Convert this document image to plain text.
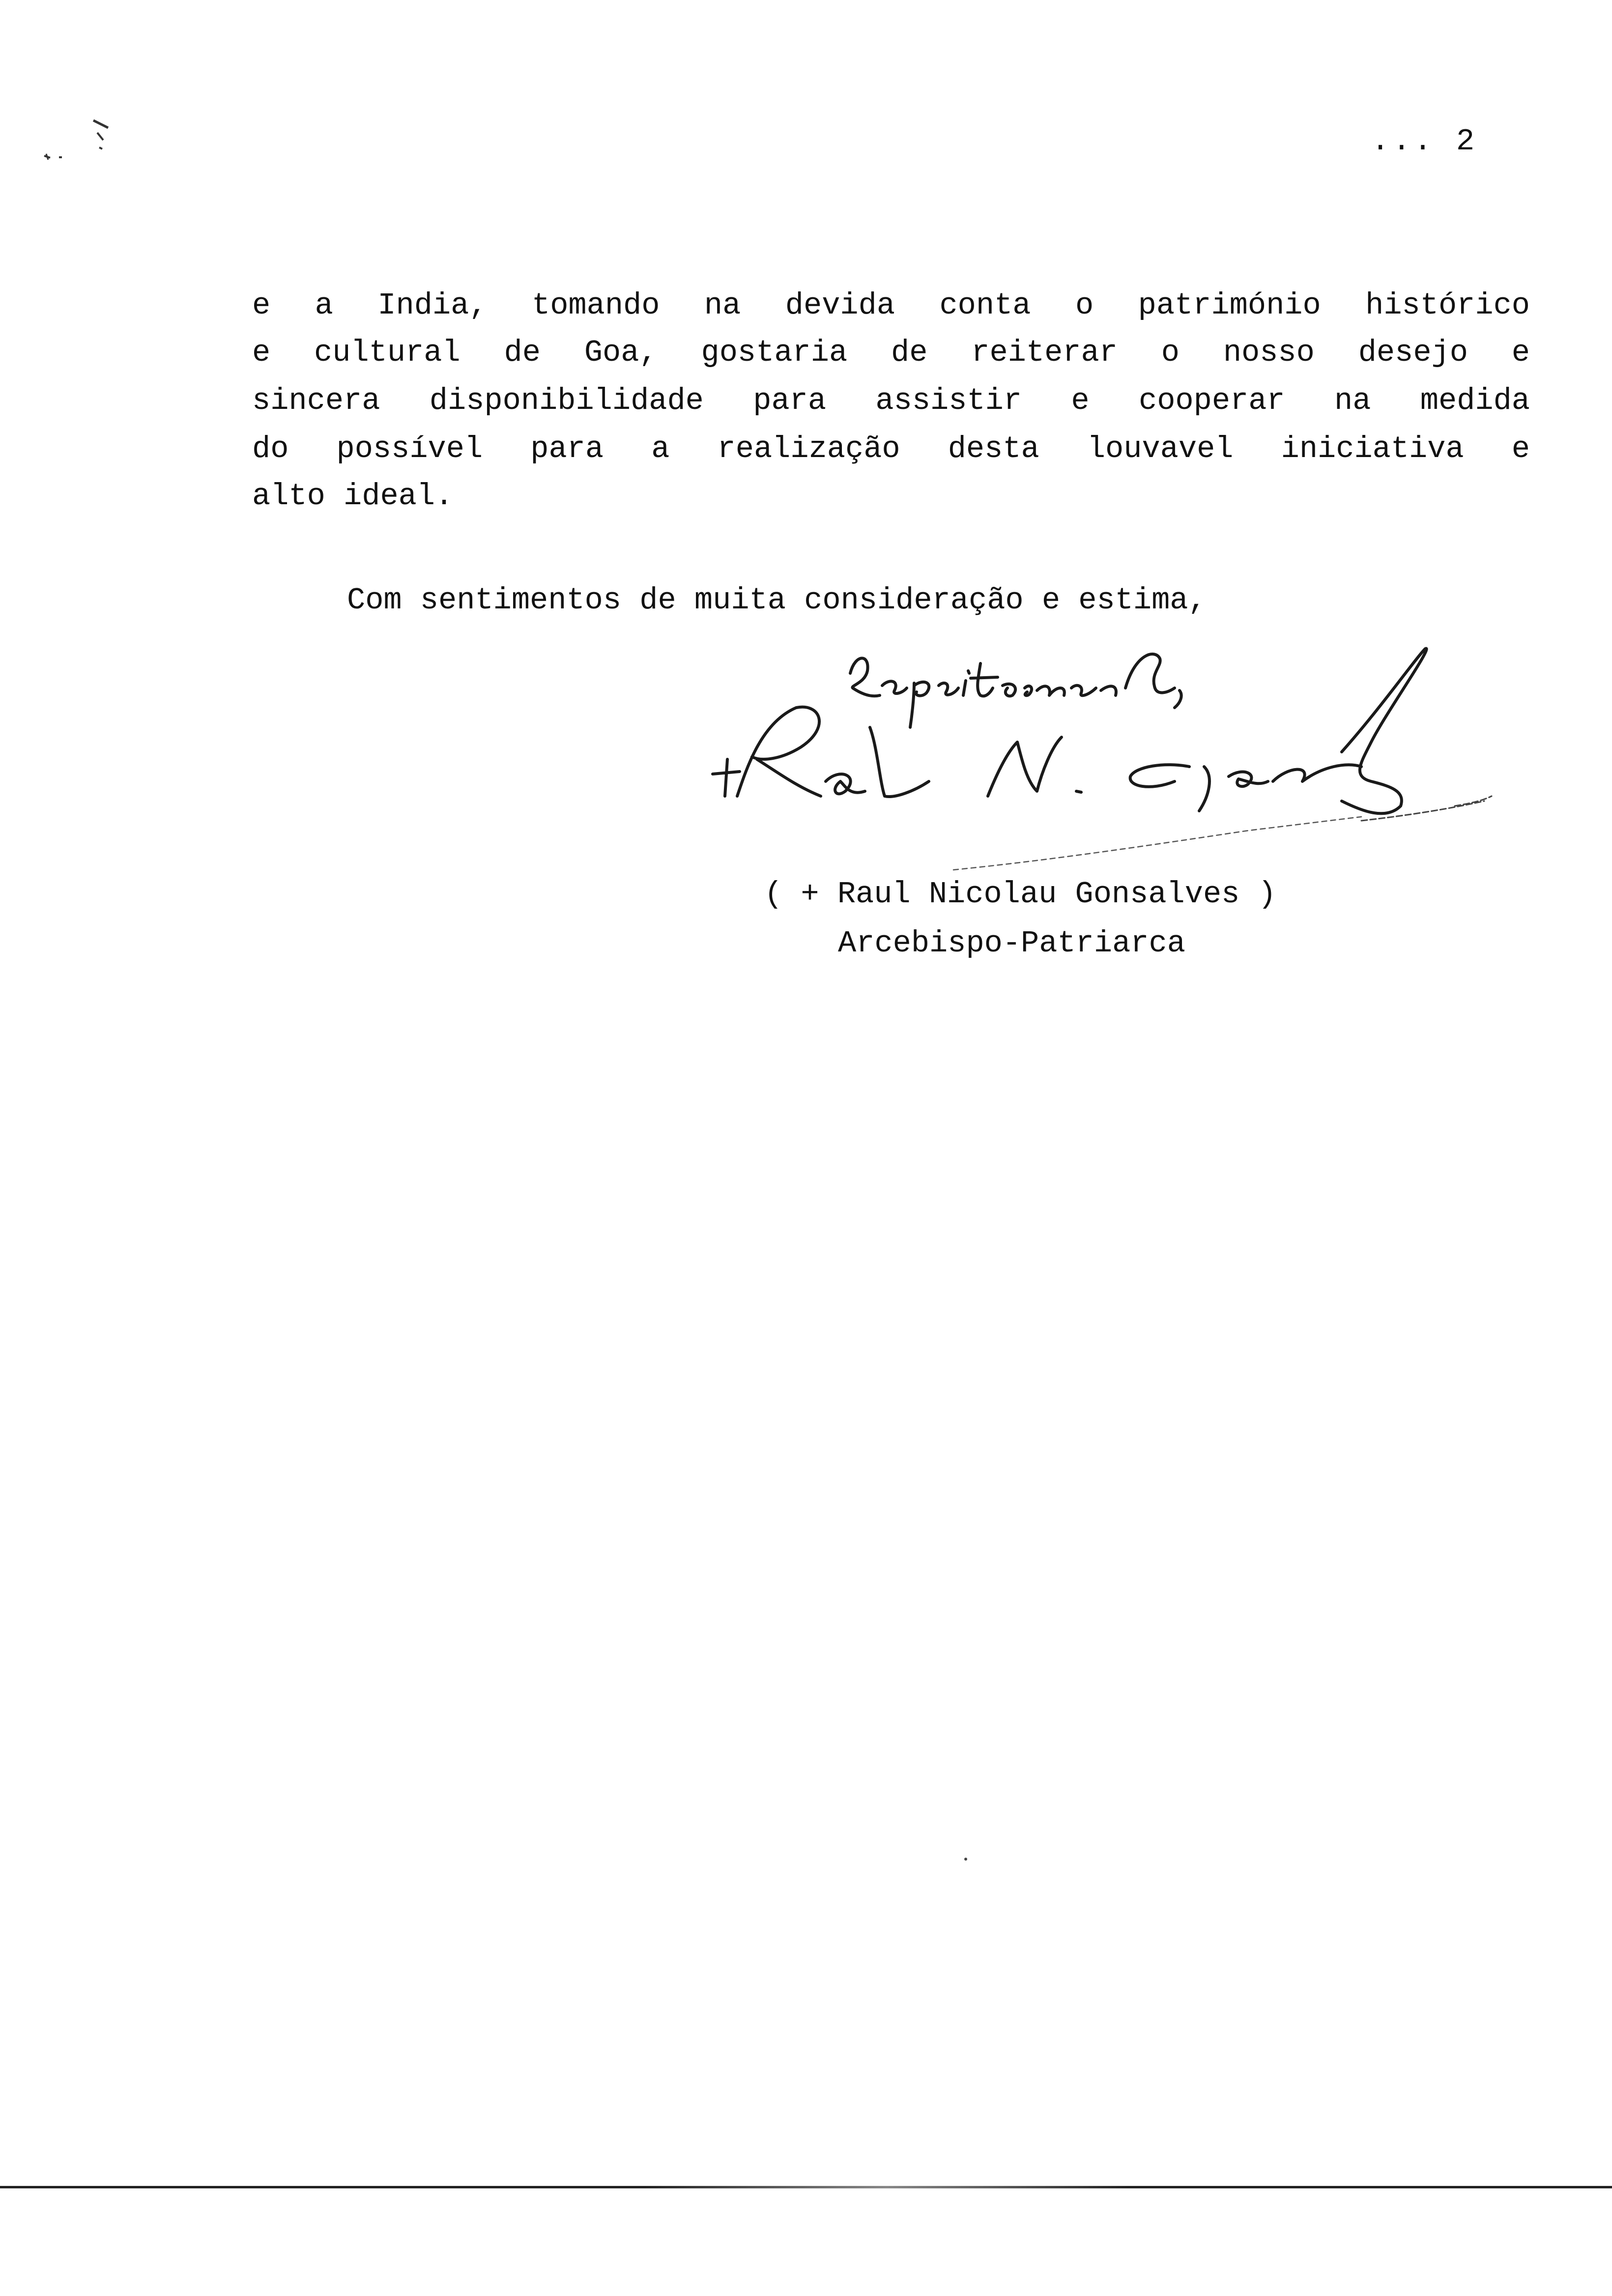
... 2
e a India, tomando na devida conta o património histórico
e cultural de Goa, gostaria de reiterar o nosso desejo e
sincera disponibilidade para assistir e cooperar na medida
do possível para a realização desta louvavel iniciativa e
alto ideal.
Com sentimentos de muita consideração e estima,
( + Raul Nicolau Gonsalves )
Arcebispo-Patriarca
